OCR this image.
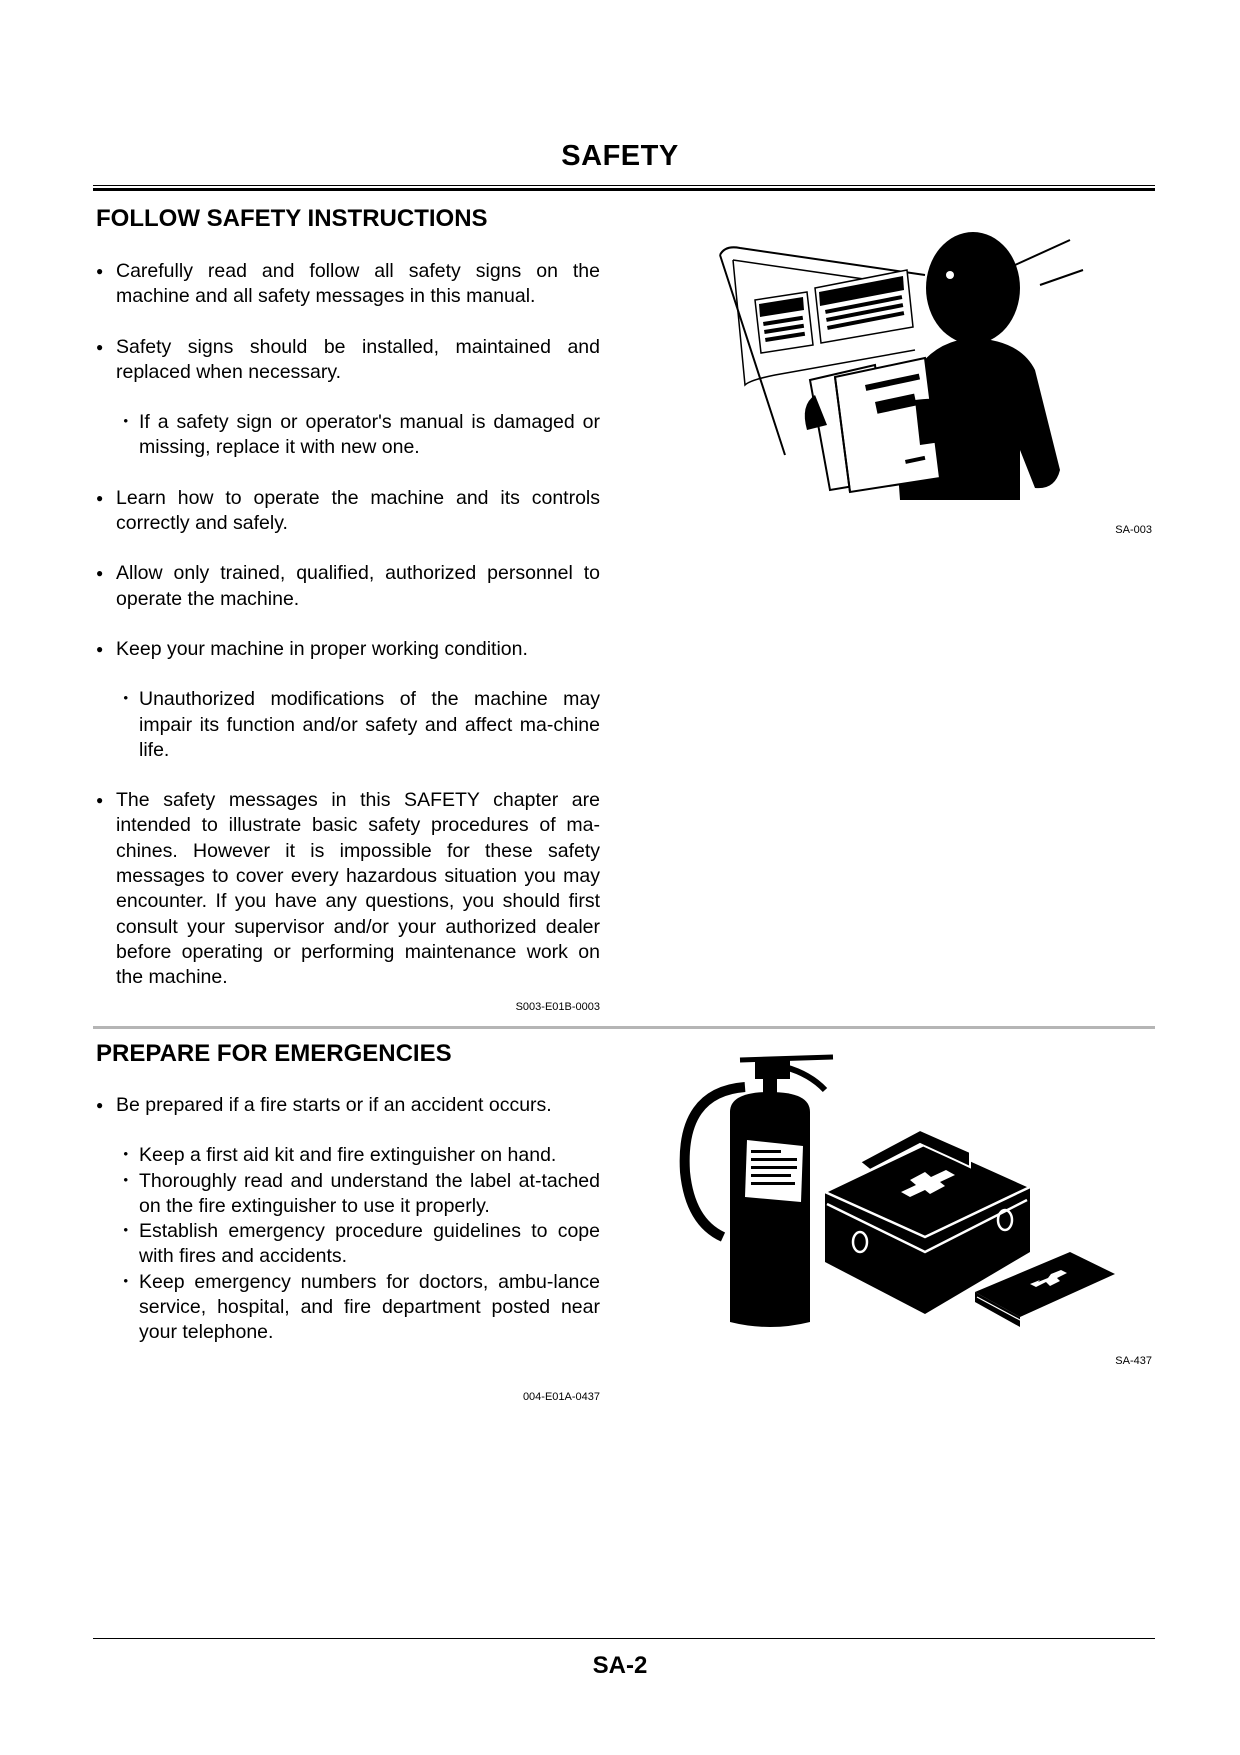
SAFETY
FOLLOW SAFETY INSTRUCTIONS

● Carefully read and follow all safety signs on the machine and all safety messages in this manual.

● Safety signs should be installed, maintained and replaced when necessary.

・ If a safety sign or operator's manual is damaged or missing, replace it with new one.

● Learn how to operate the machine and its controls correctly and safely.

● Allow only trained, qualified, authorized personnel to operate the machine.

● Keep your machine in proper working condition.

・ Unauthorized modifications of the machine may impair its function and/or safety and affect ma-chine life.

● The safety messages in this SAFETY chapter are intended to illustrate basic safety procedures of ma-chines. However it is impossible for these safety messages to cover every hazardous situation you may encounter. If you have any questions, you should first consult your supervisor and/or your authorized dealer before operating or performing maintenance work on the machine.

S003-E01B-0003
SA-003
PREPARE FOR EMERGENCIES

● Be prepared if a fire starts or if an accident occurs.

・ Keep a first aid kit and fire extinguisher on hand.

・ Thoroughly read and understand the label at-tached on the fire extinguisher to use it properly.

・ Establish emergency procedure guidelines to cope with fires and accidents.

・ Keep emergency numbers for doctors, ambu-lance service, hospital, and fire department posted near your telephone.

004-E01A-0437
SA-437
SA-2
